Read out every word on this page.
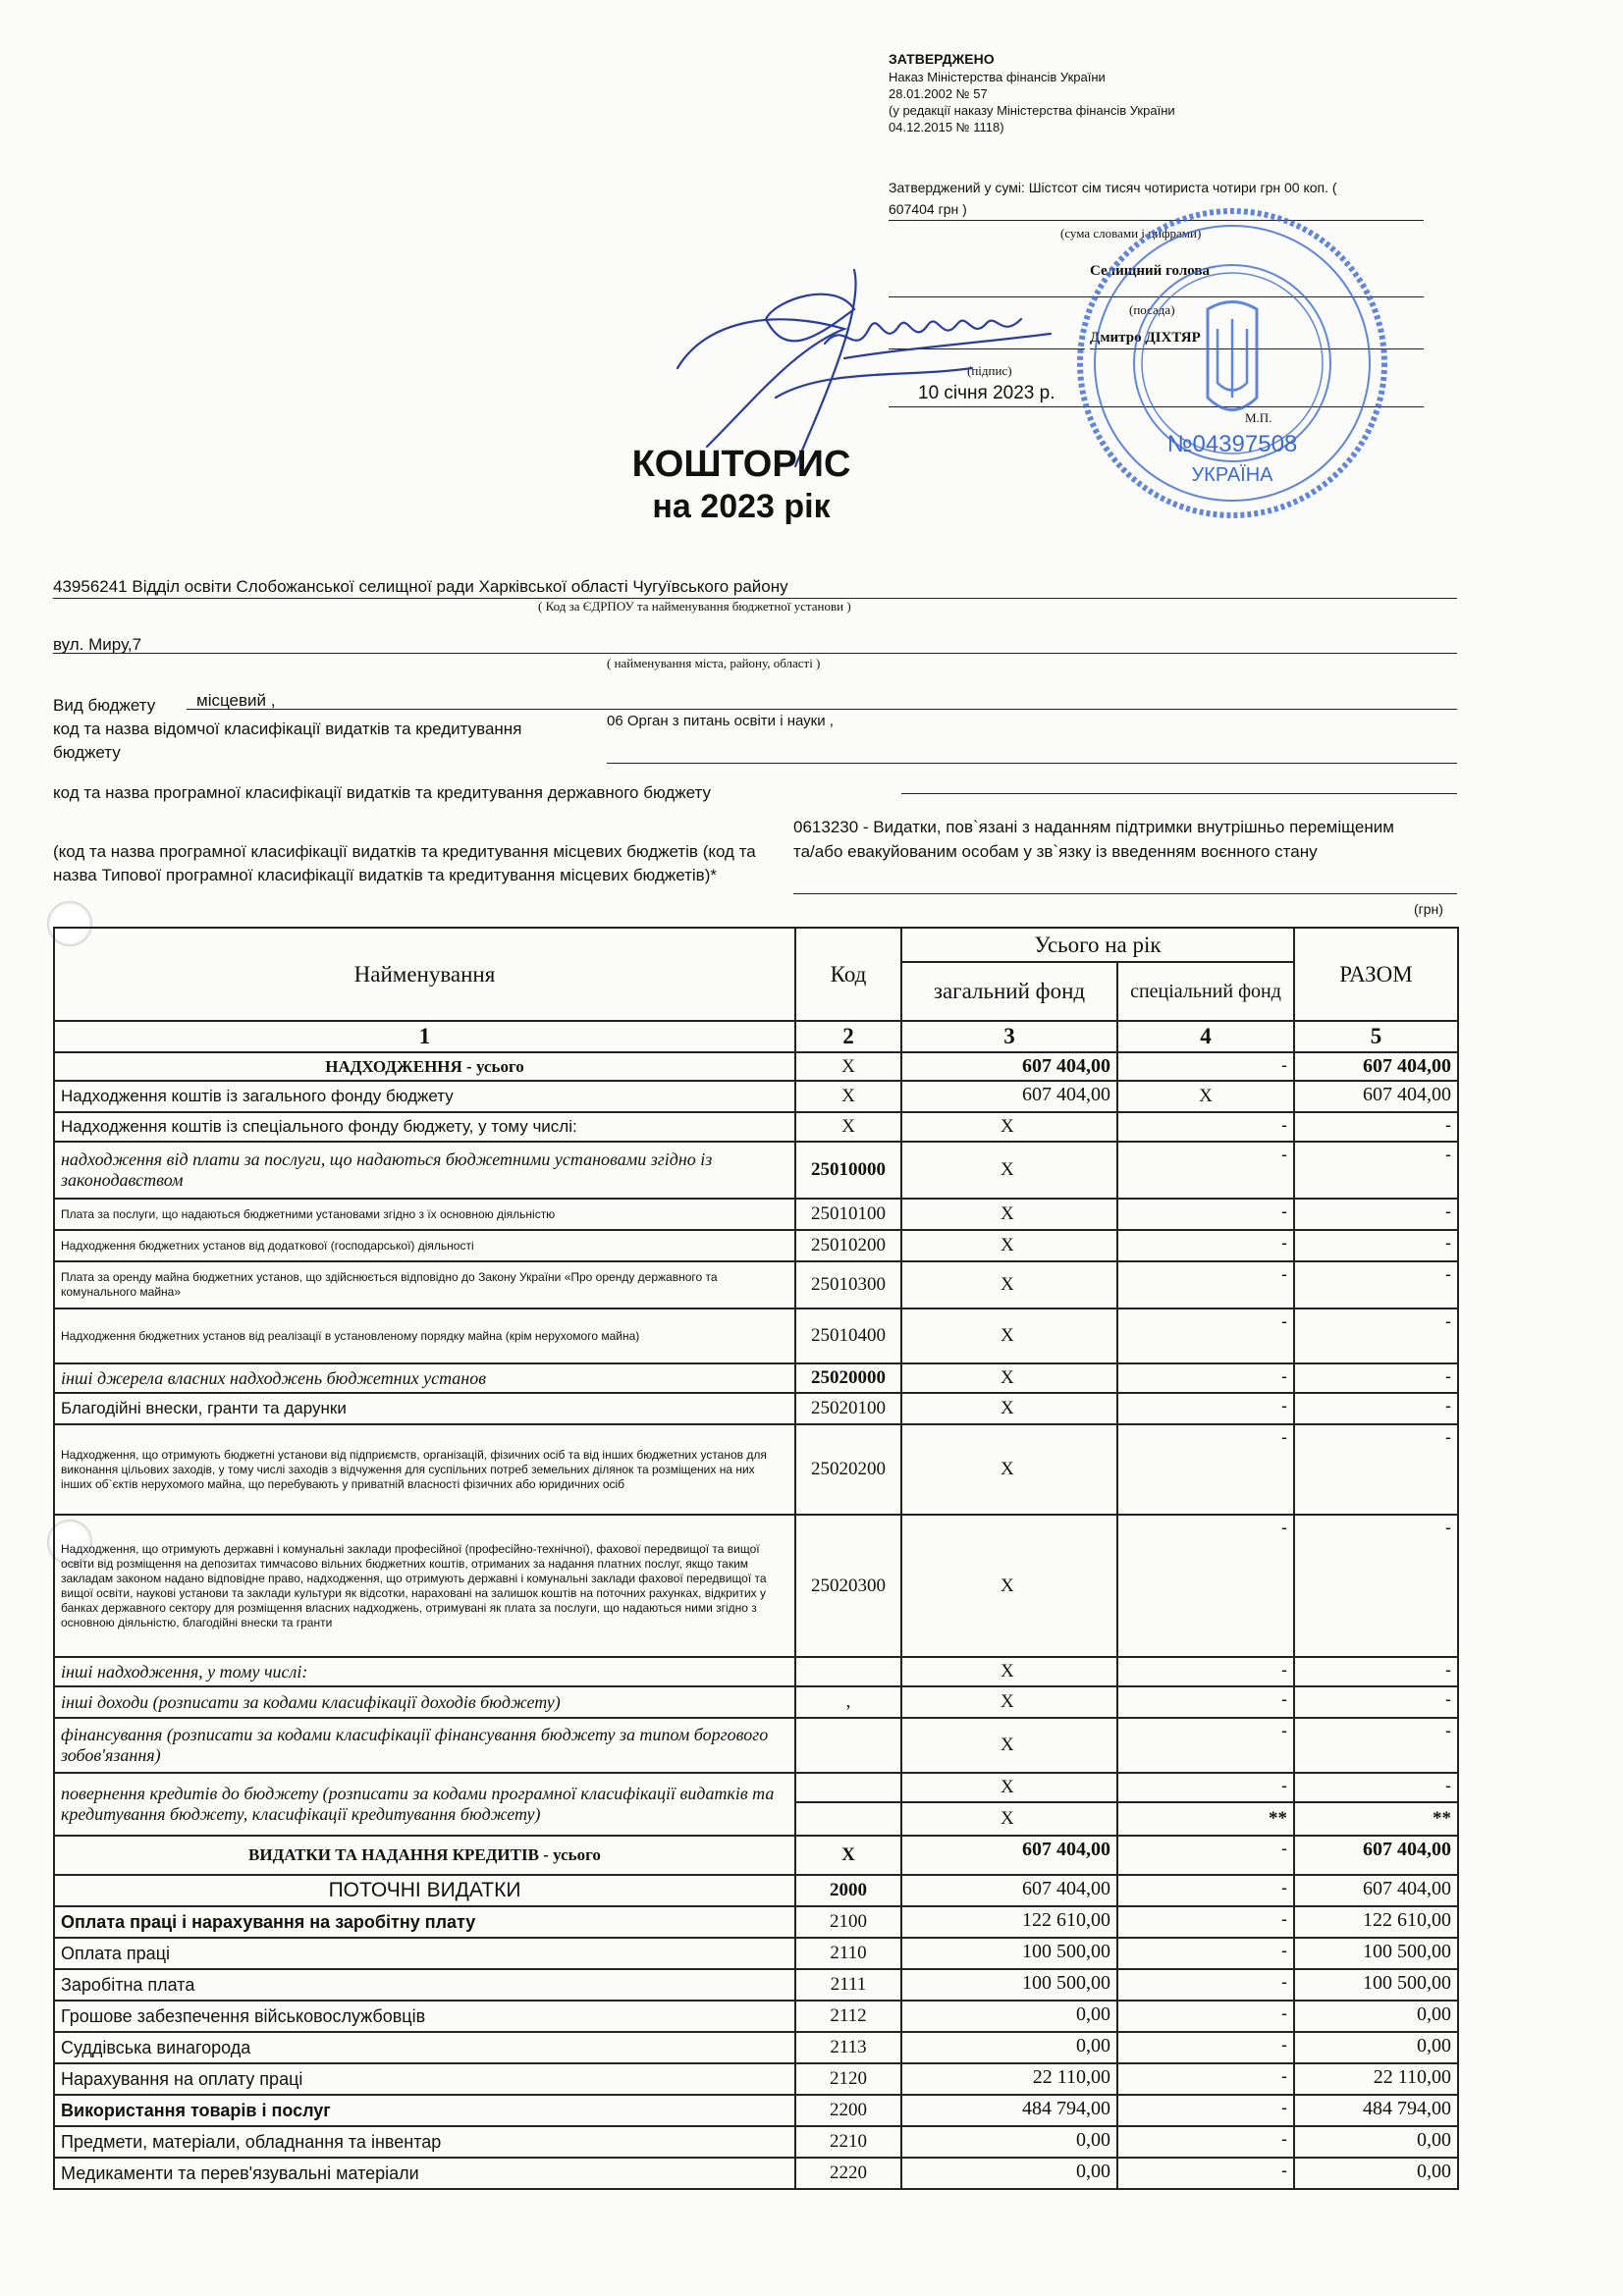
ЗАТВЕРДЖЕНО
Наказ Міністерства фінансів України
28.01.2002 № 57
(у редакції наказу Міністерства фінансів України
04.12.2015 № 1118)
Затверджений у сумі: Шістсот сім тисяч чотириста чотири грн 00 коп. (
607404 грн )
(сума словами і цифрами)
Селищний голова
(посада)
Дмитро ДІХТЯР
(підпис)
10 січня 2023 р.
М.П.
№04397508
УКРАЇНА
КОШТОРИС
на 2023 рік
43956241 Відділ освіти Слобожанської селищної ради Харківської області Чугуївського району
( Код за ЄДРПОУ та найменування бюджетної установи )
вул. Миру,7
( найменування міста, району, області )
Вид бюджету місцевий ,
код та назва відомчої класифікації видатків та кредитування бюджету
06 Орган з питань освіти і науки ,
код та назва програмної класифікації видатків та кредитування державного бюджету
(код та назва програмної класифікації видатків та кредитування місцевих бюджетів (код та назва Типової програмної класифікації видатків та кредитування місцевих бюджетів)*
0613230 - Видатки, пов`язані з наданням підтримки внутрішньо переміщеним та/або евакуйованим особам у зв`язку із введенням воєнного стану
(грн)
Найменування	Код	Усього на рік		РАЗОМ
		загальний фонд	спеціальний фонд	
1	2	3	4	5
НАДХОДЖЕННЯ - усього	Х	607 404,00	-	607 404,00
Надходження коштів із загального фонду бюджету	Х	607 404,00	Х	607 404,00
Надходження коштів із спеціального фонду бюджету, у тому числі:	Х	Х	-	-
надходження від плати за послуги, що надаються бюджетними установами згідно із законодавством	25010000	Х	-	-
Плата за послуги, що надаються бюджетними установами згідно з їх основною діяльністю	25010100	Х	-	-
Надходження бюджетних установ від додаткової (господарської) діяльності	25010200	Х	-	-
Плата за оренду майна бюджетних установ, що здійснюється відповідно до Закону України «Про оренду державного та комунального майна»	25010300	Х	-	-
Надходження бюджетних установ від реалізації в установленому порядку майна (крім нерухомого майна)	25010400	Х	-	-
інші джерела власних надходжень бюджетних установ	25020000	Х	-	-
Благодійні внески, гранти та дарунки	25020100	Х	-	-
Надходження, що отримують бюджетні установи від підприємств, організацій, фізичних осіб та від інших бюджетних установ для виконання цільових заходів, у тому числі заходів з відчуження для суспільних потреб земельних ділянок та розміщених на них інших об`єктів нерухомого майна, що перебувають у приватній власності фізичних або юридичних осіб	25020200	Х	-	-
Надходження, що отримують державні і комунальні заклади професійної (професійно-технічної), фахової передвищої та вищої освіти від розміщення на депозитах тимчасово вільних бюджетних коштів, отриманих за надання платних послуг, якщо таким закладам законом надано відповідне право, надходження, що отримують державні і комунальні заклади фахової передвищої та вищої освіти, наукові установи та заклади культури як відсотки, нараховані на залишок коштів на поточних рахунках, відкритих у банках державного сектору для розміщення власних надходжень, отримувані як плата за послуги, що надаються ними згідно з основною діяльністю, благодійні внески та гранти	25020300	Х	-	-
інші надходження, у тому числі:		Х	-	-
інші доходи (розписати за кодами класифікації доходів бюджету)	,	Х	-	-
фінансування (розписати за кодами класифікації фінансування бюджету за типом боргового зобов'язання)		Х	-	-
повернення кредитів до бюджету (розписати за кодами програмної класифікації видатків та кредитування бюджету, класифікації кредитування бюджету)		Х	-	-
		Х	**	**
ВИДАТКИ ТА НАДАННЯ КРЕДИТІВ - усього	Х	607 404,00	-	607 404,00
ПОТОЧНІ ВИДАТКИ	2000	607 404,00	-	607 404,00
Оплата праці і нарахування на заробітну плату	2100	122 610,00	-	122 610,00
Оплата праці	2110	100 500,00	-	100 500,00
Заробітна плата	2111	100 500,00	-	100 500,00
Грошове забезпечення військовослужбовців	2112	0,00	-	0,00
Суддівська винагорода	2113	0,00	-	0,00
Нарахування на оплату праці	2120	22 110,00	-	22 110,00
Використання товарів і послуг	2200	484 794,00	-	484 794,00
Предмети, матеріали, обладнання та інвентар	2210	0,00	-	0,00
Медикаменти та перев'язувальні матеріали	2220	0,00	-	0,00
